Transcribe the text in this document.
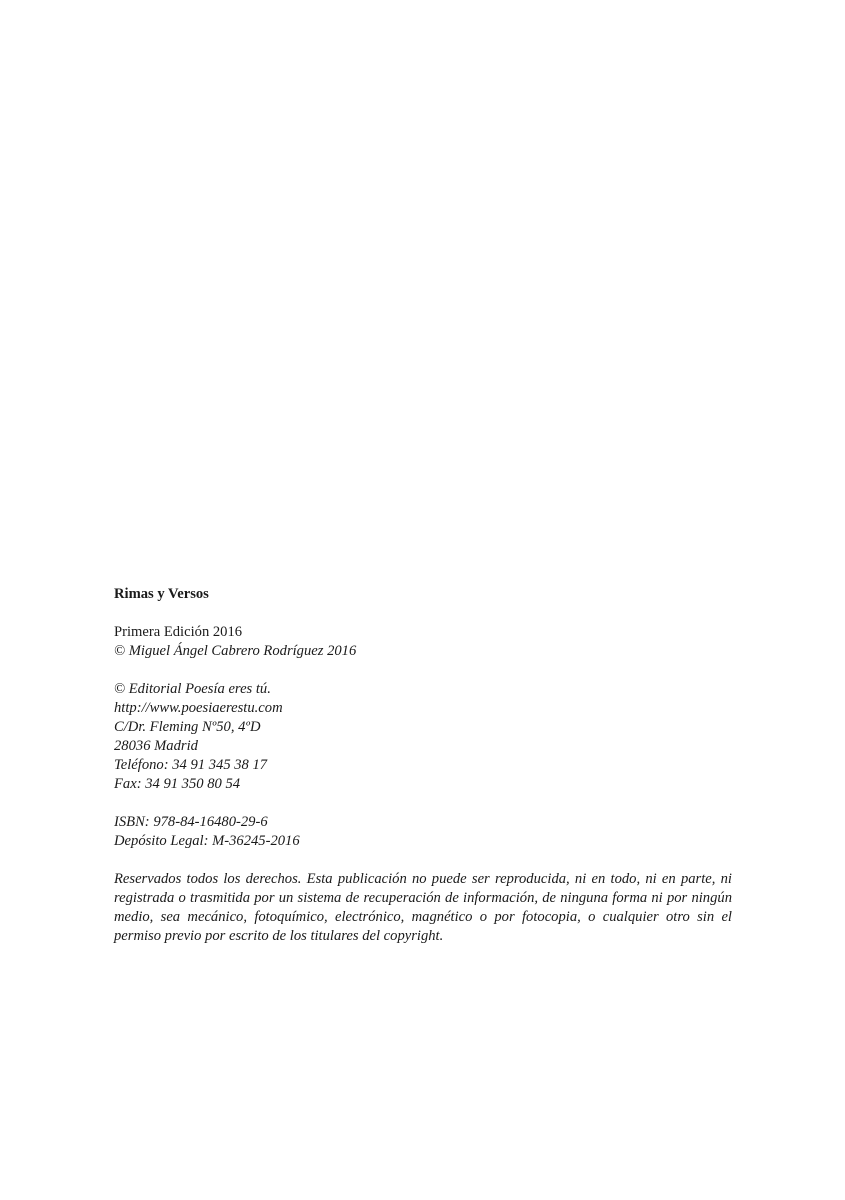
Rimas y Versos

Primera Edición 2016
© Miguel Ángel Cabrero Rodríguez 2016
© Editorial Poesía eres tú.
http://www.poesiaerestu.com
C/Dr. Fleming Nº50, 4ºD
28036 Madrid
Teléfono: 34 91 345 38 17
Fax: 34 91 350 80 54
ISBN: 978-84-16480-29-6
Depósito Legal: M-36245-2016

Reservados todos los derechos. Esta publicación no puede ser reproducida, ni en todo, ni en parte, ni registrada o trasmitida por un sistema de recuperación de información, de ninguna forma ni por ningún medio, sea mecánico, fotoquímico, electrónico, magnético o por fotocopia, o cualquier otro sin el permiso previo por escrito de los titulares del copyright.
